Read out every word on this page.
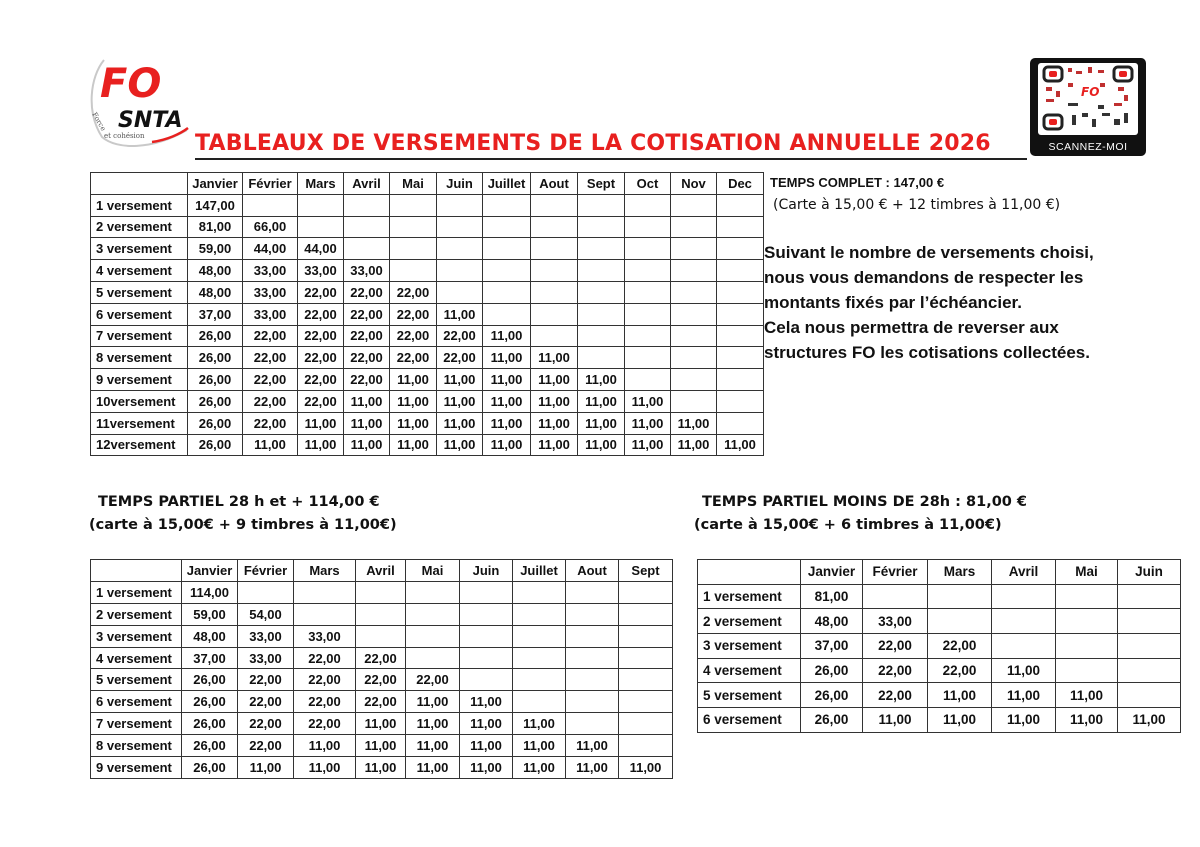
FO
SNTA
Force
et cohésion TABLEAUX DE VERSEMENTS DE LA COTISATION ANNUELLE 2026
FO
SCANNEZ-MOI
	Janvier	Février	Mars	Avril	Mai	Juin	Juillet	Aout	Sept	Oct	Nov	Dec
1 versement	147,00											
2 versement	81,00	66,00										
3 versement	59,00	44,00	44,00									
4 versement	48,00	33,00	33,00	33,00								
5 versement	48,00	33,00	22,00	22,00	22,00							
6 versement	37,00	33,00	22,00	22,00	22,00	11,00						
7 versement	26,00	22,00	22,00	22,00	22,00	22,00	11,00					
8 versement	26,00	22,00	22,00	22,00	22,00	22,00	11,00	11,00				
9 versement	26,00	22,00	22,00	22,00	11,00	11,00	11,00	11,00	11,00			
10versement	26,00	22,00	22,00	11,00	11,00	11,00	11,00	11,00	11,00	11,00		
11versement	26,00	22,00	11,00	11,00	11,00	11,00	11,00	11,00	11,00	11,00	11,00	
12versement	26,00	11,00	11,00	11,00	11,00	11,00	11,00	11,00	11,00	11,00	11,00	11,00
TEMPS COMPLET : 147,00 €
(Carte à 15,00 € + 12 timbres à 11,00 €)
Suivant le nombre de versements choisi,
nous vous demandons de respecter les
montants fixés par l’échéancier.
Cela nous permettra de reverser aux
structures FO les cotisations collectées.
TEMPS PARTIEL 28 h et + 114,00 €
(carte à 15,00€ + 9 timbres à 11,00€)
	Janvier	Février	Mars	Avril	Mai	Juin	Juillet	Aout	Sept
1 versement	114,00								
2 versement	59,00	54,00							
3 versement	48,00	33,00	33,00						
4 versement	37,00	33,00	22,00	22,00					
5 versement	26,00	22,00	22,00	22,00	22,00				
6 versement	26,00	22,00	22,00	22,00	11,00	11,00			
7 versement	26,00	22,00	22,00	11,00	11,00	11,00	11,00		
8 versement	26,00	22,00	11,00	11,00	11,00	11,00	11,00	11,00	
9 versement	26,00	11,00	11,00	11,00	11,00	11,00	11,00	11,00	11,00
TEMPS PARTIEL MOINS DE 28h : 81,00 €
(carte à 15,00€ + 6 timbres à 11,00€)
	Janvier	Février	Mars	Avril	Mai	Juin
1 versement	81,00					
2 versement	48,00	33,00				
3 versement	37,00	22,00	22,00			
4 versement	26,00	22,00	22,00	11,00		
5 versement	26,00	22,00	11,00	11,00	11,00	
6 versement	26,00	11,00	11,00	11,00	11,00	11,00
